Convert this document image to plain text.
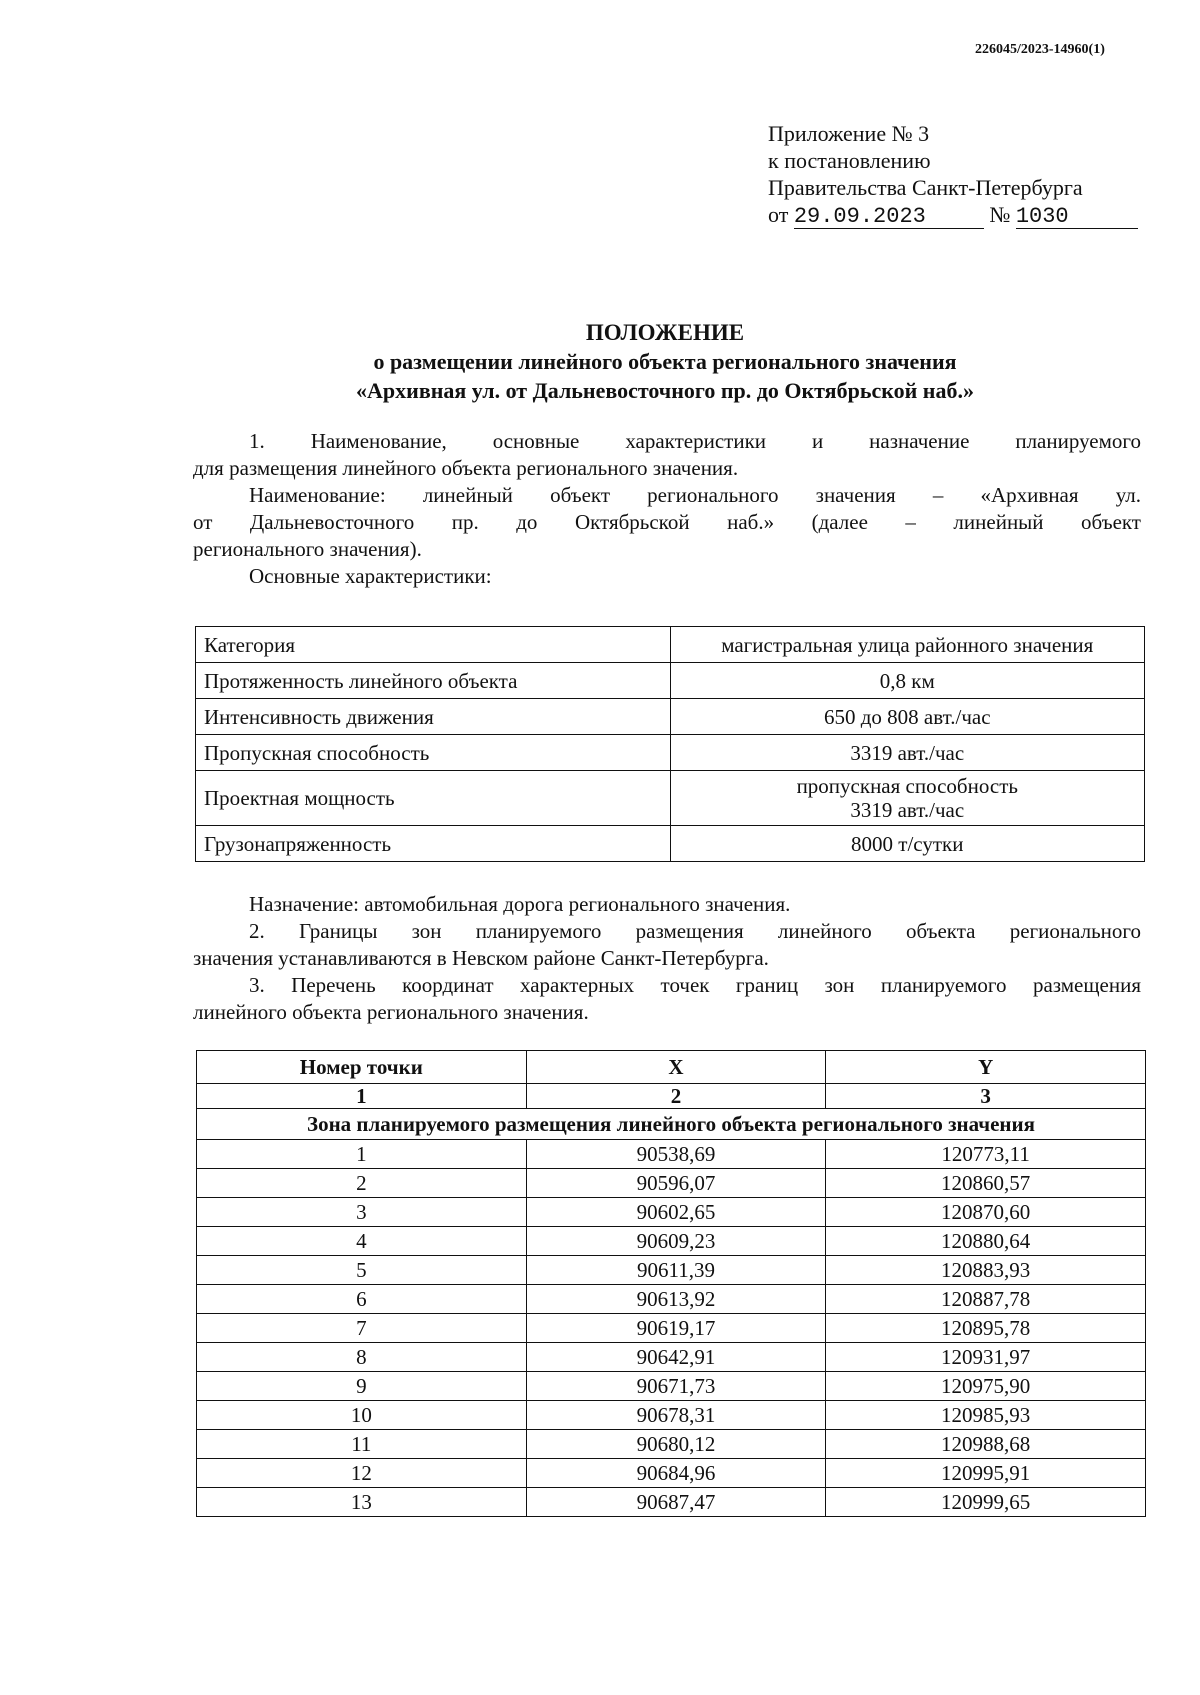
226045/2023-14960(1)
Приложение № 3
к постановлению
Правительства Санкт-Петербурга
от 29.09.2023	№ 1030
ПОЛОЖЕНИЕ
о размещении линейного объекта регионального значения
«Архивная ул. от Дальневосточного пр. до Октябрьской наб.»

1. Наименование, основные характеристики и назначение планируемого

для размещения линейного объекта регионального значения.

Наименование: линейный объект регионального значения – «Архивная ул.

от Дальневосточного пр. до Октябрьской наб.» (далее – линейный объект

регионального значения).

Основные характеристики:

Категория	магистральная улица районного значения
Протяженность линейного объекта	0,8 км
Интенсивность движения	650 до 808 авт./час
Пропускная способность	3319 авт./час
Проектная мощность	пропускная способность
3319 авт./час

Грузонапряженность	8000 т/сутки

Назначение: автомобильная дорога регионального значения.

2. Границы зон планируемого размещения линейного объекта регионального

значения устанавливаются в Невском районе Санкт-Петербурга.

3. Перечень координат характерных точек границ зон планируемого размещения

линейного объекта регионального значения.

Номер точки	X	Y
1	2	3
Зона планируемого размещения линейного объекта регионального значения		
1	90538,69	120773,11
2	90596,07	120860,57
3	90602,65	120870,60
4	90609,23	120880,64
5	90611,39	120883,93
6	90613,92	120887,78
7	90619,17	120895,78
8	90642,91	120931,97
9	90671,73	120975,90
10	90678,31	120985,93
11	90680,12	120988,68
12	90684,96	120995,91
13	90687,47	120999,65
